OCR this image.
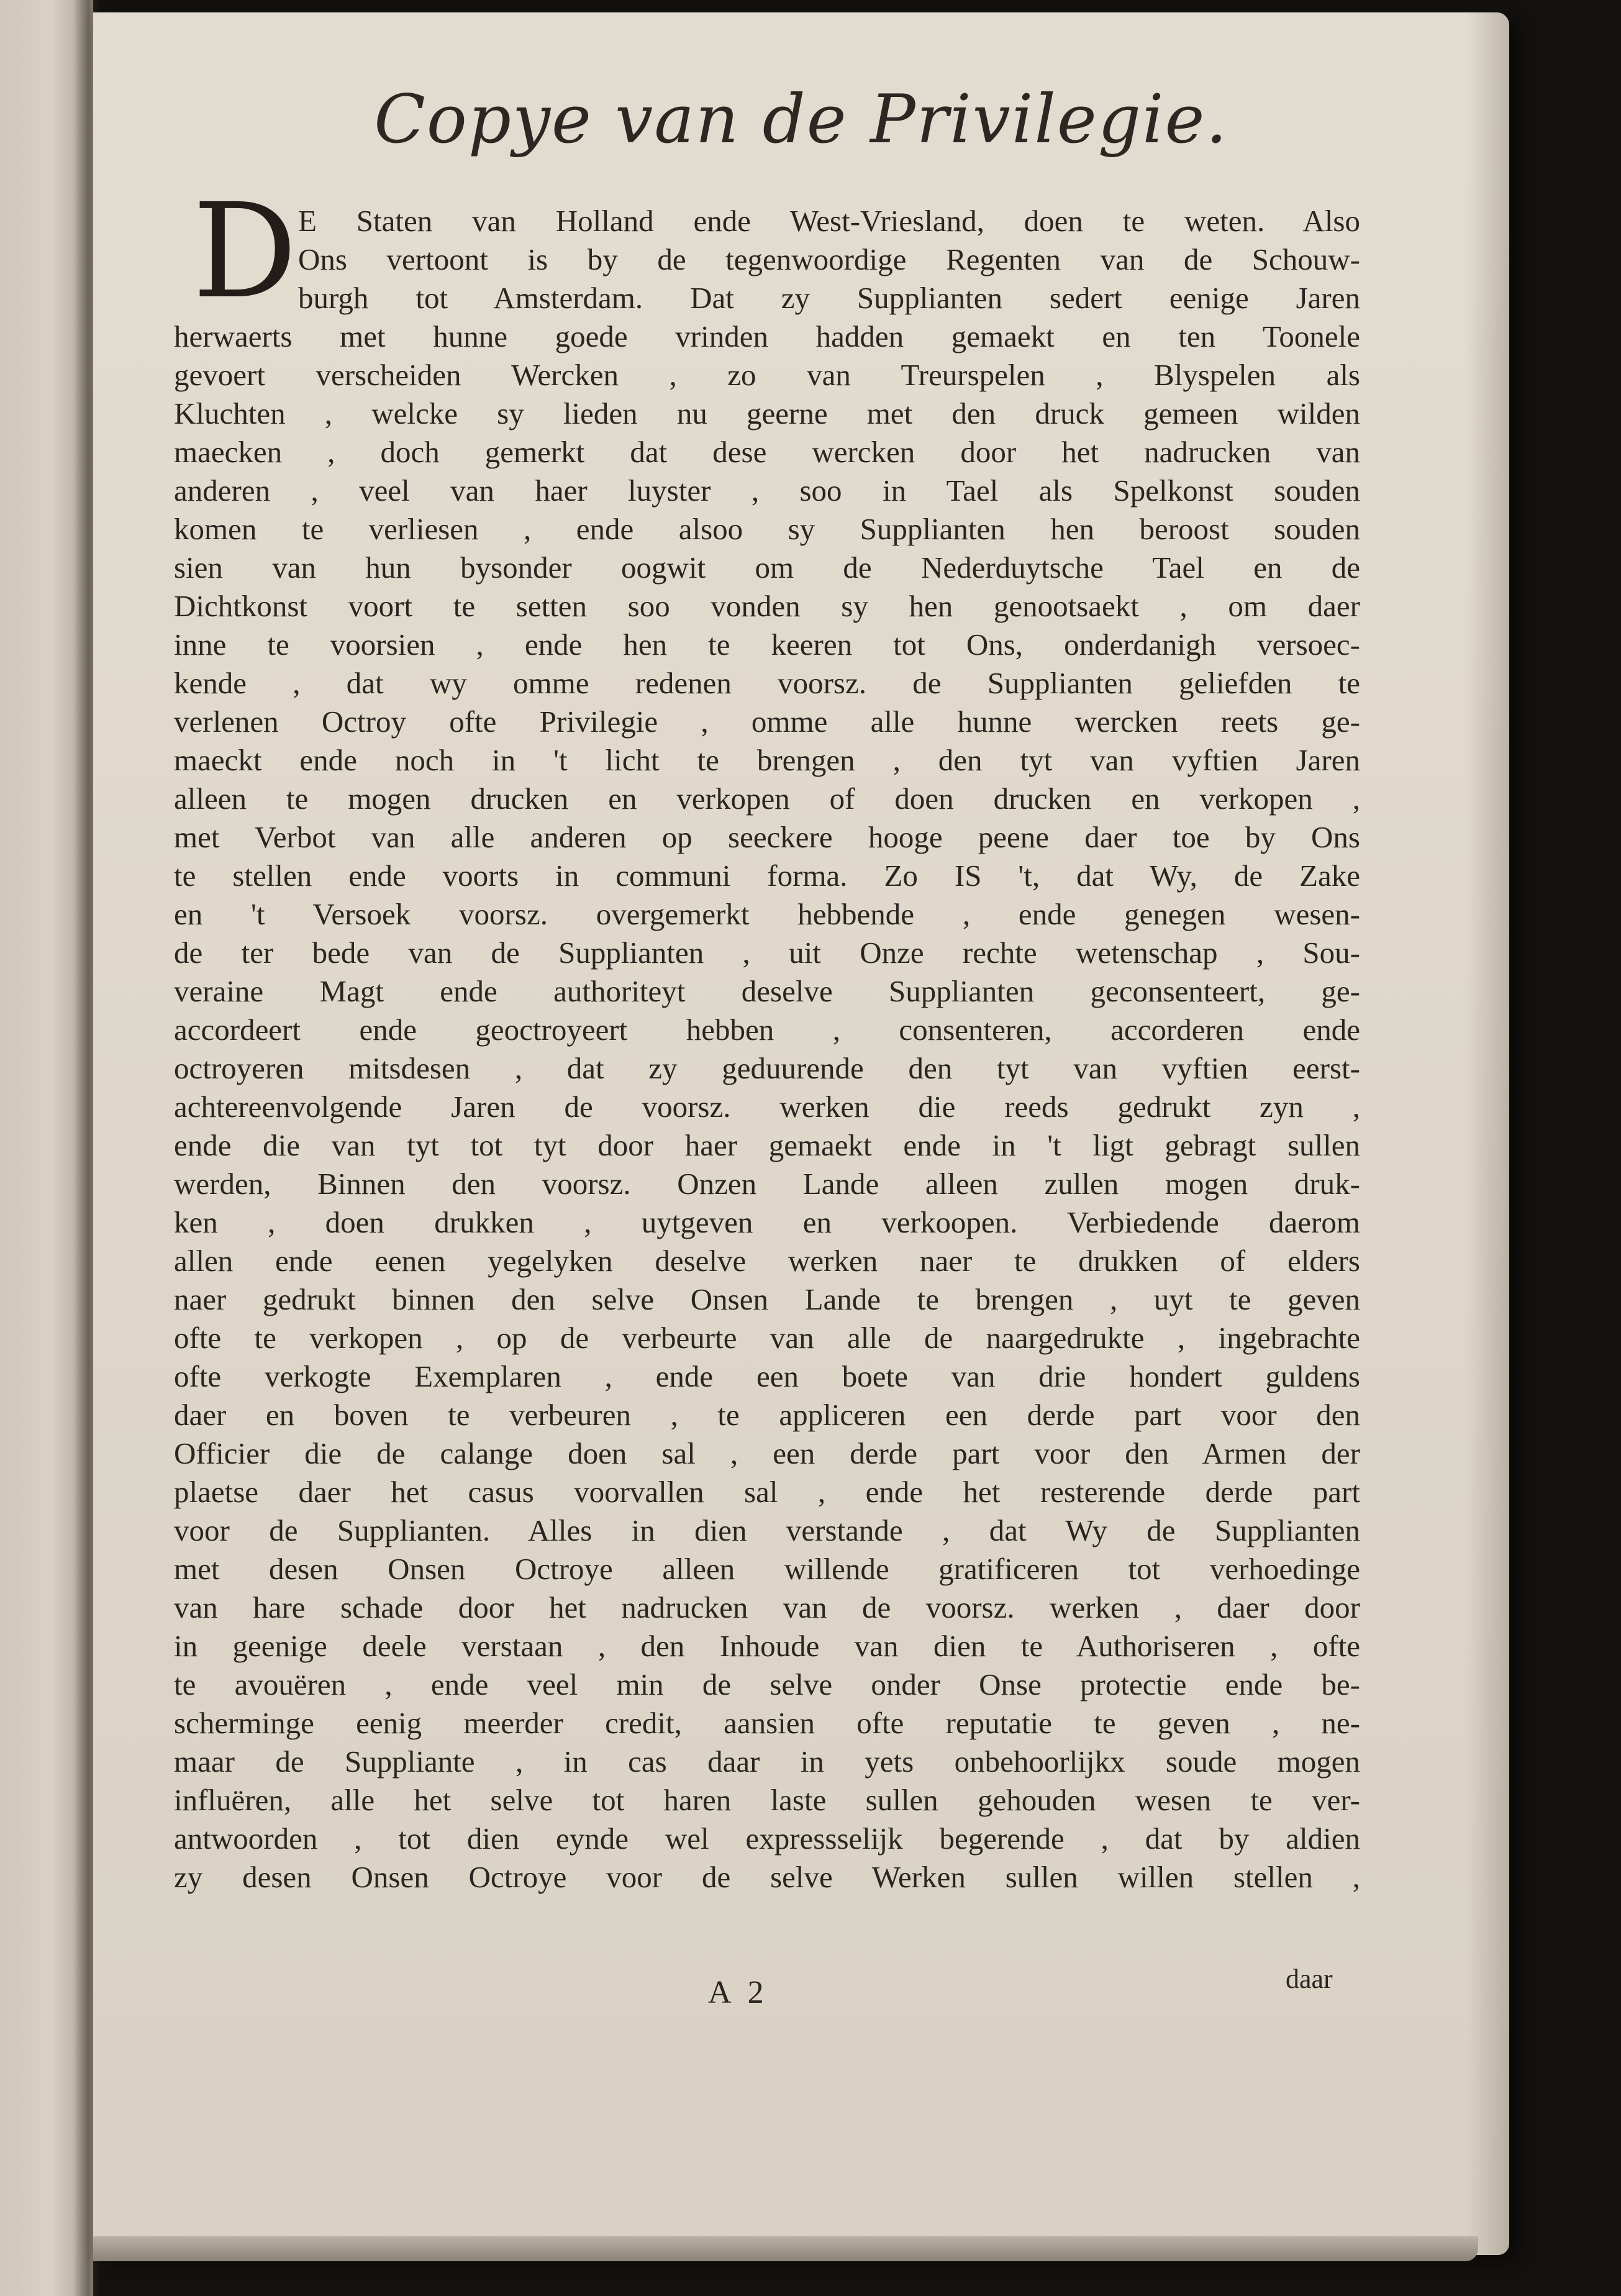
Copye van de Privilegie.
D E Staten van Holland ende West-Vriesland, doen te weten. Also
Ons vertoont is by de tegenwoordige Regenten van de Schouw-
burgh tot Amsterdam. Dat zy Supplianten sedert eenige Jaren
herwaerts met hunne goede vrinden hadden gemaekt en ten Toonele
gevoert verscheiden Wercken , zo van Treurspelen , Blyspelen als
Kluchten , welcke sy lieden nu geerne met den druck gemeen wilden
maecken , doch gemerkt dat dese wercken door het nadrucken van
anderen , veel van haer luyster , soo in Tael als Spelkonst souden
komen te verliesen , ende alsoo sy Supplianten hen beroost souden
sien van hun bysonder oogwit om de Nederduytsche Tael en de
Dichtkonst voort te setten soo vonden sy hen genootsaekt , om daer
inne te voorsien , ende hen te keeren tot Ons, onderdanigh versoec-
kende , dat wy omme redenen voorsz. de Supplianten geliefden te
verlenen Octroy ofte Privilegie , omme alle hunne wercken reets ge-
maeckt ende noch in 't licht te brengen , den tyt van vyftien Jaren
alleen te mogen drucken en verkopen of doen drucken en verkopen ,
met Verbot van alle anderen op seeckere hooge peene daer toe by Ons
te stellen ende voorts in communi forma. Zo IS 't, dat Wy, de Zake
en 't Versoek voorsz. overgemerkt hebbende , ende genegen wesen-
de ter bede van de Supplianten , uit Onze rechte wetenschap , Sou-
veraine Magt ende authoriteyt deselve Supplianten geconsenteert, ge-
accordeert ende geoctroyeert hebben , consenteren, accorderen ende
octroyeren mitsdesen , dat zy geduurende den tyt van vyftien eerst-
achtereenvolgende Jaren de voorsz. werken die reeds gedrukt zyn ,
ende die van tyt tot tyt door haer gemaekt ende in 't ligt gebragt sullen
werden, Binnen den voorsz. Onzen Lande alleen zullen mogen druk-
ken , doen drukken , uytgeven en verkoopen. Verbiedende daerom
allen ende eenen yegelyken deselve werken naer te drukken of elders
naer gedrukt binnen den selve Onsen Lande te brengen , uyt te geven
ofte te verkopen , op de verbeurte van alle de naargedrukte , ingebrachte
ofte verkogte Exemplaren , ende een boete van drie hondert guldens
daer en boven te verbeuren , te appliceren een derde part voor den
Officier die de calange doen sal , een derde part voor den Armen der
plaetse daer het casus voorvallen sal , ende het resterende derde part
voor de Supplianten. Alles in dien verstande , dat Wy de Supplianten
met desen Onsen Octroye alleen willende gratificeren tot verhoedinge
van hare schade door het nadrucken van de voorsz. werken , daer door
in geenige deele verstaan , den Inhoude van dien te Authoriseren , ofte
te avouëren , ende veel min de selve onder Onse protectie ende be-
scherminge eenig meerder credit, aansien ofte reputatie te geven , ne-
maar de Suppliante , in cas daar in yets onbehoorlijkx soude mogen
influëren, alle het selve tot haren laste sullen gehouden wesen te ver-
antwoorden , tot dien eynde wel expressselijk begerende , dat by aldien
zy desen Onsen Octroye voor de selve Werken sullen willen stellen ,
daar
A 2
